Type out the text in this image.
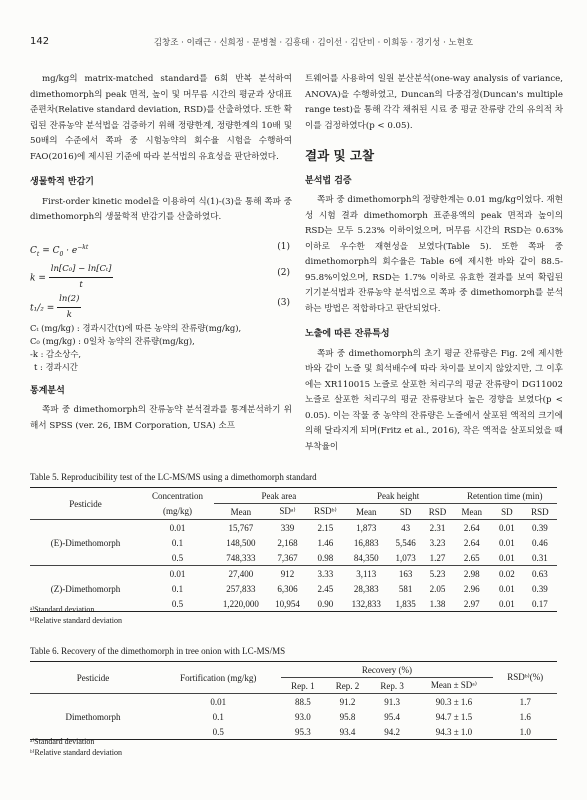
142	김창조 · 이래근 · 신희정 · 문병철 · 김흥태 · 김이선 · 김단비 · 이희동 · 경기성 · 노현호

mg/kg의 matrix-matched standard를 6회 반복 분석하여 dimethomorph의 peak 면적, 높이 및 머무름 시간의 평균과 상대표준편차(Relative standard deviation, RSD)를 산출하였다. 또한 확립된 잔류농약 분석법을 검증하기 위해 정량한계, 정량한계의 10배 및 50배의 수준에서 쪽파 중 시험농약의 회수율 시험을 수행하여 FAO(2016)에 제시된 기준에 따라 분석법의 유효성을 판단하였다.

생물학적 반감기

First-order kinetic model을 이용하여 식(1)-(3)을 통해 쪽파 중 dimethomorph의 생물학적 반감기를 산출하였다.

$C_t = C_0 \cdot e^{-kt}$	(1)
$k = \frac{\text{ln[C₀] − ln[Cₜ]}}{t}$	(2)
$t_1/_2 = \frac{\ln(2)}{k}$	(3)
Cₜ (mg/kg) : 경과시간(t)에 따른 농약의 잔류량(mg/kg),
C₀ (mg/kg) : 0일차 농약의 잔류량(mg/kg),
-k : 감소상수,
t : 경과시간
통계분석

쪽파 중 dimethomorph의 잔류농약 분석결과를 통계분석하기 위해서 SPSS (ver. 26, IBM Corporation, USA) 소프

트웨어를 사용하여 일원 분산분석(one-way analysis of variance, ANOVA)을 수행하였고, Duncan의 다중검정(Duncan's multiple range test)을 통해 각각 채취된 시료 중 평균 잔류량 간의 유의적 차이를 검정하였다(p < 0.05).

결과 및 고찰
분석법 검증

쪽파 중 dimethomorph의 정량한계는 0.01 mg/kg이었다. 재현성 시험 결과 dimethomorph 표준용액의 peak 면적과 높이의 RSD는 모두 5.23% 이하이었으며, 머무름 시간의 RSD는 0.63% 이하로 우수한 재현성을 보였다(Table 5). 또한 쪽파 중 dimethomorph의 회수율은 Table 6에 제시한 바와 같이 88.5-95.8%이었으며, RSD는 1.7% 이하로 유효한 결과를 보여 확립된 기기분석법과 잔류농약 분석법으로 쪽파 중 dimethomorph를 분석하는 방법은 적합하다고 판단되었다.

노출에 따른 잔류특성

쪽파 중 dimethomorph의 초기 평균 잔류량은 Fig. 2에 제시한 바와 같이 노즐 및 희석배수에 따라 차이를 보이지 않았지만, 그 이후에는 XR110015 노즐로 살포한 처리구의 평균 잔류량이 DG11002 노즐로 살포한 처리구의 평균 잔류량보다 높은 경향을 보였다(p < 0.05). 이는 작물 중 농약의 잔류량은 노즐에서 살포된 액적의 크기에 의해 달라지게 되며(Fritz et al., 2016), 작은 액적을 살포되었을 때 부착율이

Table 5. Reproducibility test of the LC-MS/MS using a dimethomorph standard
Pesticide	Concentration	Peak area			Peak height			Retention time (min)		
	(mg/kg)	Mean	SDᵃ⁾	RSDᵇ⁾	Mean	SD	RSD	Mean	SD	RSD
(E)-Dimethomorph	0.01	15,767	339	2.15	1,873	43	2.31	2.64	0.01	0.39
	0.1	148,500	2,168	1.46	16,883	5,546	3.23	2.64	0.01	0.46
	0.5	748,333	7,367	0.98	84,350	1,073	1.27	2.65	0.01	0.31
(Z)-Dimethomorph	0.01	27,400	912	3.33	3,113	163	5.23	2.98	0.02	0.63
	0.1	257,833	6,306	2.45	28,383	581	2.05	2.96	0.01	0.39
	0.5	1,220,000	10,954	0.90	132,833	1,835	1.38	2.97	0.01	0.17
ᵃ⁾Standard deviation
ᵇ⁾Relative standard deviation
Table 6. Recovery of the dimethomorph in tree onion with LC-MS/MS
Pesticide	Fortification (mg/kg)	Recovery (%)				RSDᵇ⁾(%)
		Rep. 1	Rep. 2	Rep. 3	Mean ± SDᵃ⁾	
Dimethomorph	0.01	88.5	91.2	91.3	90.3 ± 1.6	1.7
	0.1	93.0	95.8	95.4	94.7 ± 1.5	1.6
	0.5	95.3	93.4	94.2	94.3 ± 1.0	1.0
ᵃ⁾Standard deviation
ᵇ⁾Relative standard deviation
